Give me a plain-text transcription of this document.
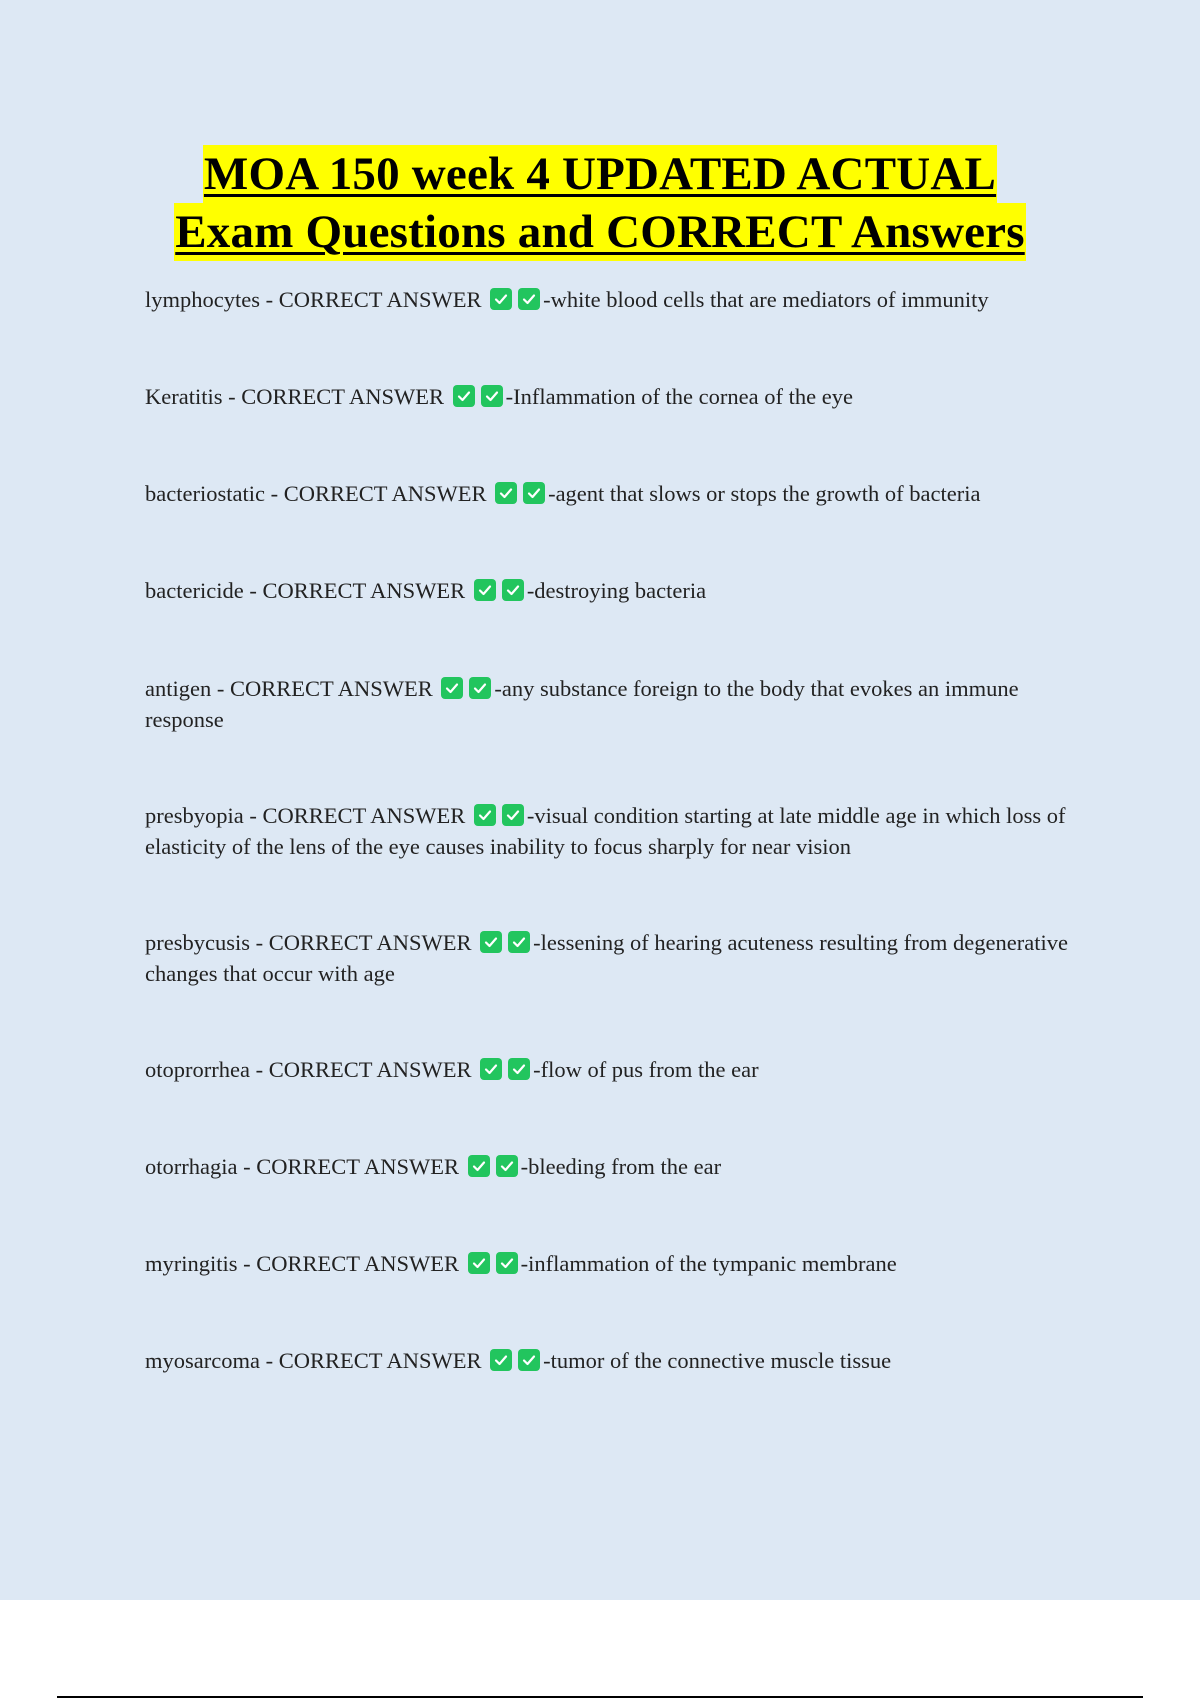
MOA 150 week 4 UPDATED ACTUAL
Exam Questions and CORRECT Answers
lymphocytes - CORRECT ANSWER	-white blood cells that are mediators of immunity
Keratitis - CORRECT ANSWER	-Inflammation of the cornea of the eye
bacteriostatic - CORRECT ANSWER	-agent that slows or stops the growth of bacteria
bactericide - CORRECT ANSWER	-destroying bacteria
antigen - CORRECT ANSWER	-any substance foreign to the body that evokes an immune response
presbyopia - CORRECT ANSWER	-visual condition starting at late middle age in which loss of elasticity of the lens of the eye causes inability to focus sharply for near vision
presbycusis - CORRECT ANSWER	-lessening of hearing acuteness resulting from degenerative changes that occur with age
otoprorrhea - CORRECT ANSWER	-flow of pus from the ear
otorrhagia - CORRECT ANSWER	-bleeding from the ear
myringitis - CORRECT ANSWER	-inflammation of the tympanic membrane
myosarcoma - CORRECT ANSWER	-tumor of the connective muscle tissue
